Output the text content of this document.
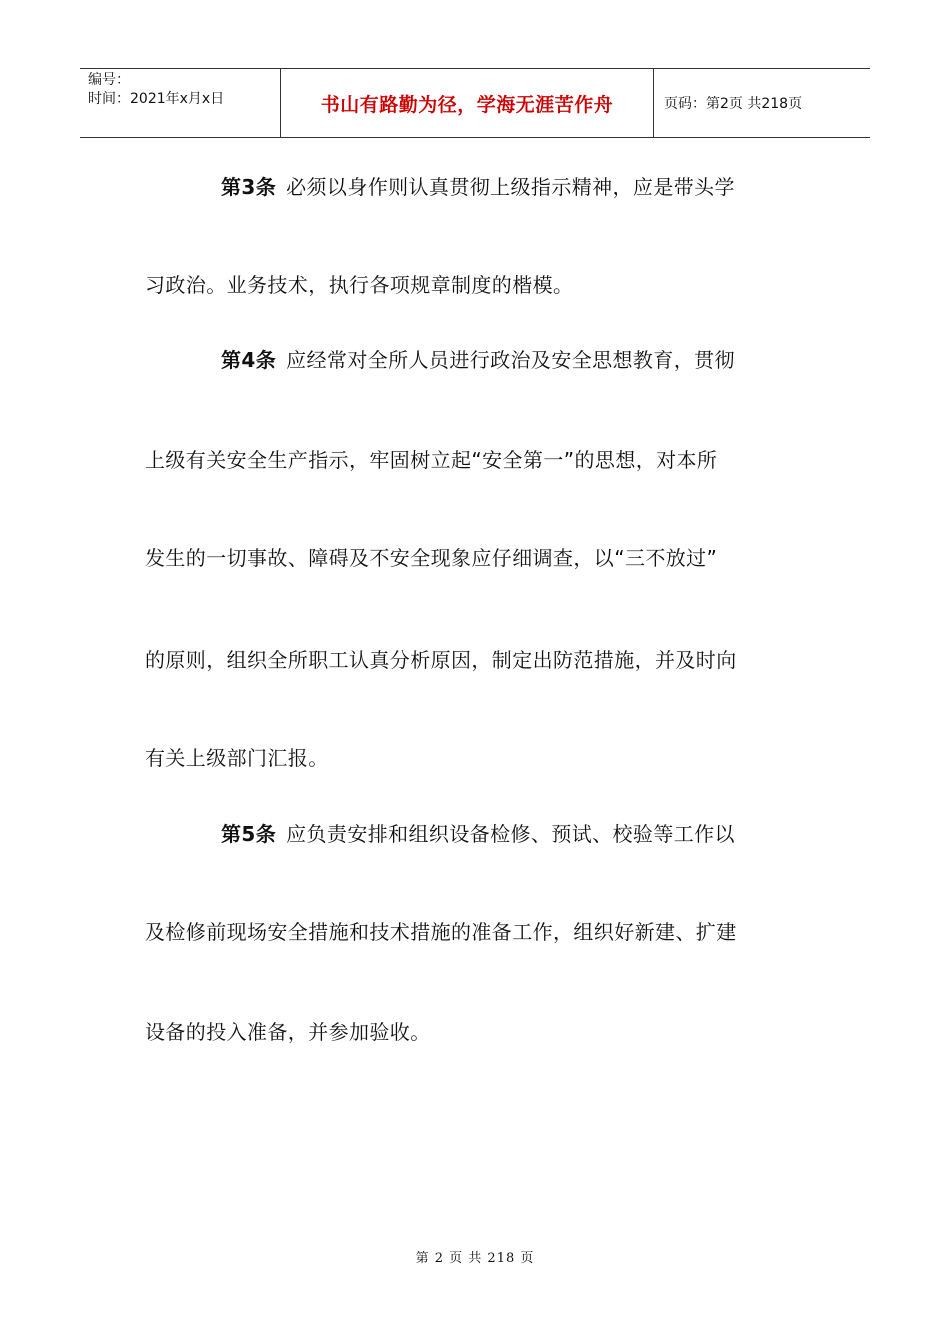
编号：
时间：2021年x月x日	书山有路勤为径，学海无涯苦作舟	页码：第2页 共218页
第3条 必须以身作则认真贯彻上级指示精神，应是带头学
习政治。业务技术，执行各项规章制度的楷模。
第4条 应经常对全所人员进行政治及安全思想教育，贯彻
上级有关安全生产指示，牢固树立起“安全第一”的思想，对本所
发生的一切事故、障碍及不安全现象应仔细调查，以“三不放过”
的原则，组织全所职工认真分析原因，制定出防范措施，并及时向
有关上级部门汇报。
第5条 应负责安排和组织设备检修、预试、校验等工作以
及检修前现场安全措施和技术措施的准备工作，组织好新建、扩建
设备的投入准备，并参加验收。
第 2 页 共 218 页
